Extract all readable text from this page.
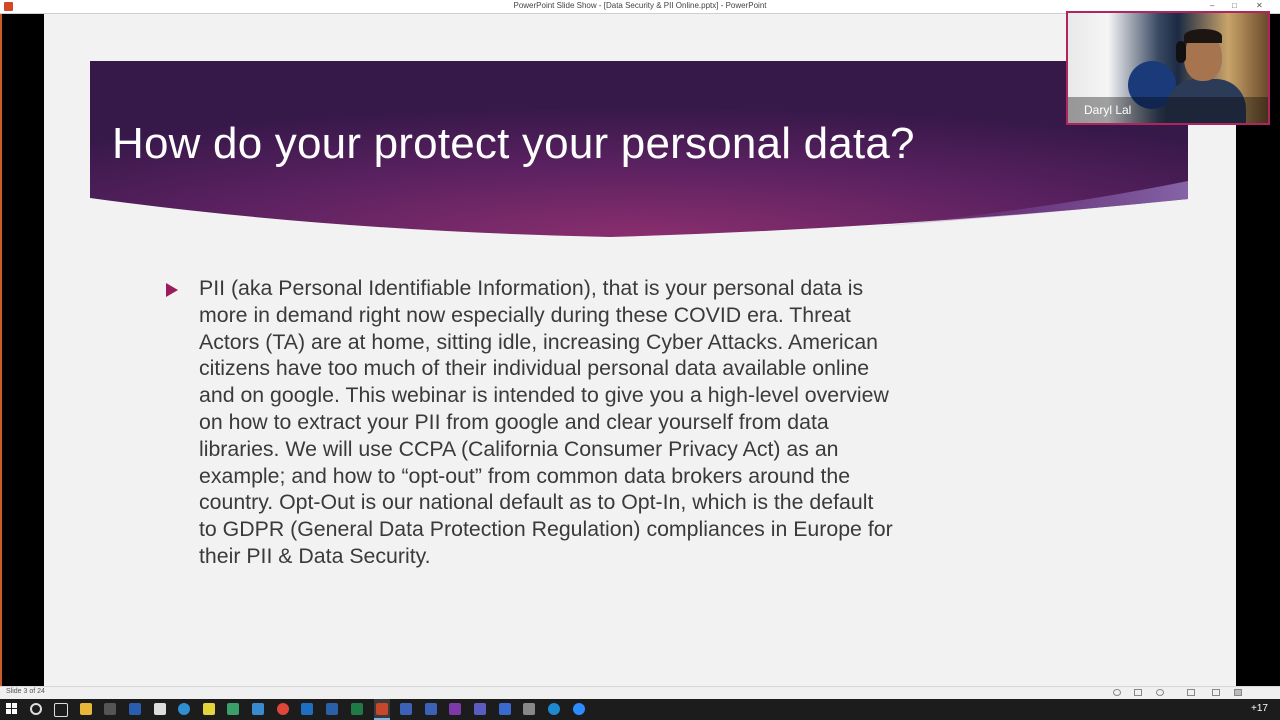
PowerPoint Slide Show - [Data Security & PII Online.pptx] - PowerPoint	– □ ✕
How do your protect your personal data?
PII (aka Personal Identifiable Information), that is your personal data is
more in demand right now especially during these COVID era. Threat
Actors (TA) are at home, sitting idle, increasing Cyber Attacks. American
citizens have too much of their individual personal data available online
and on google. This webinar is intended to give you a high-level overview
on how to extract your PII from google and clear yourself from data
libraries. We will use CCPA (California Consumer Privacy Act) as an
example; and how to “opt-out” from common data brokers around the
country. Opt-Out is our national default as to Opt-In, which is the default
to GDPR (General Data Protection Regulation) compliances in Europe for
their PII & Data Security.
Daryl Lal
Slide 3 of 24
+17
